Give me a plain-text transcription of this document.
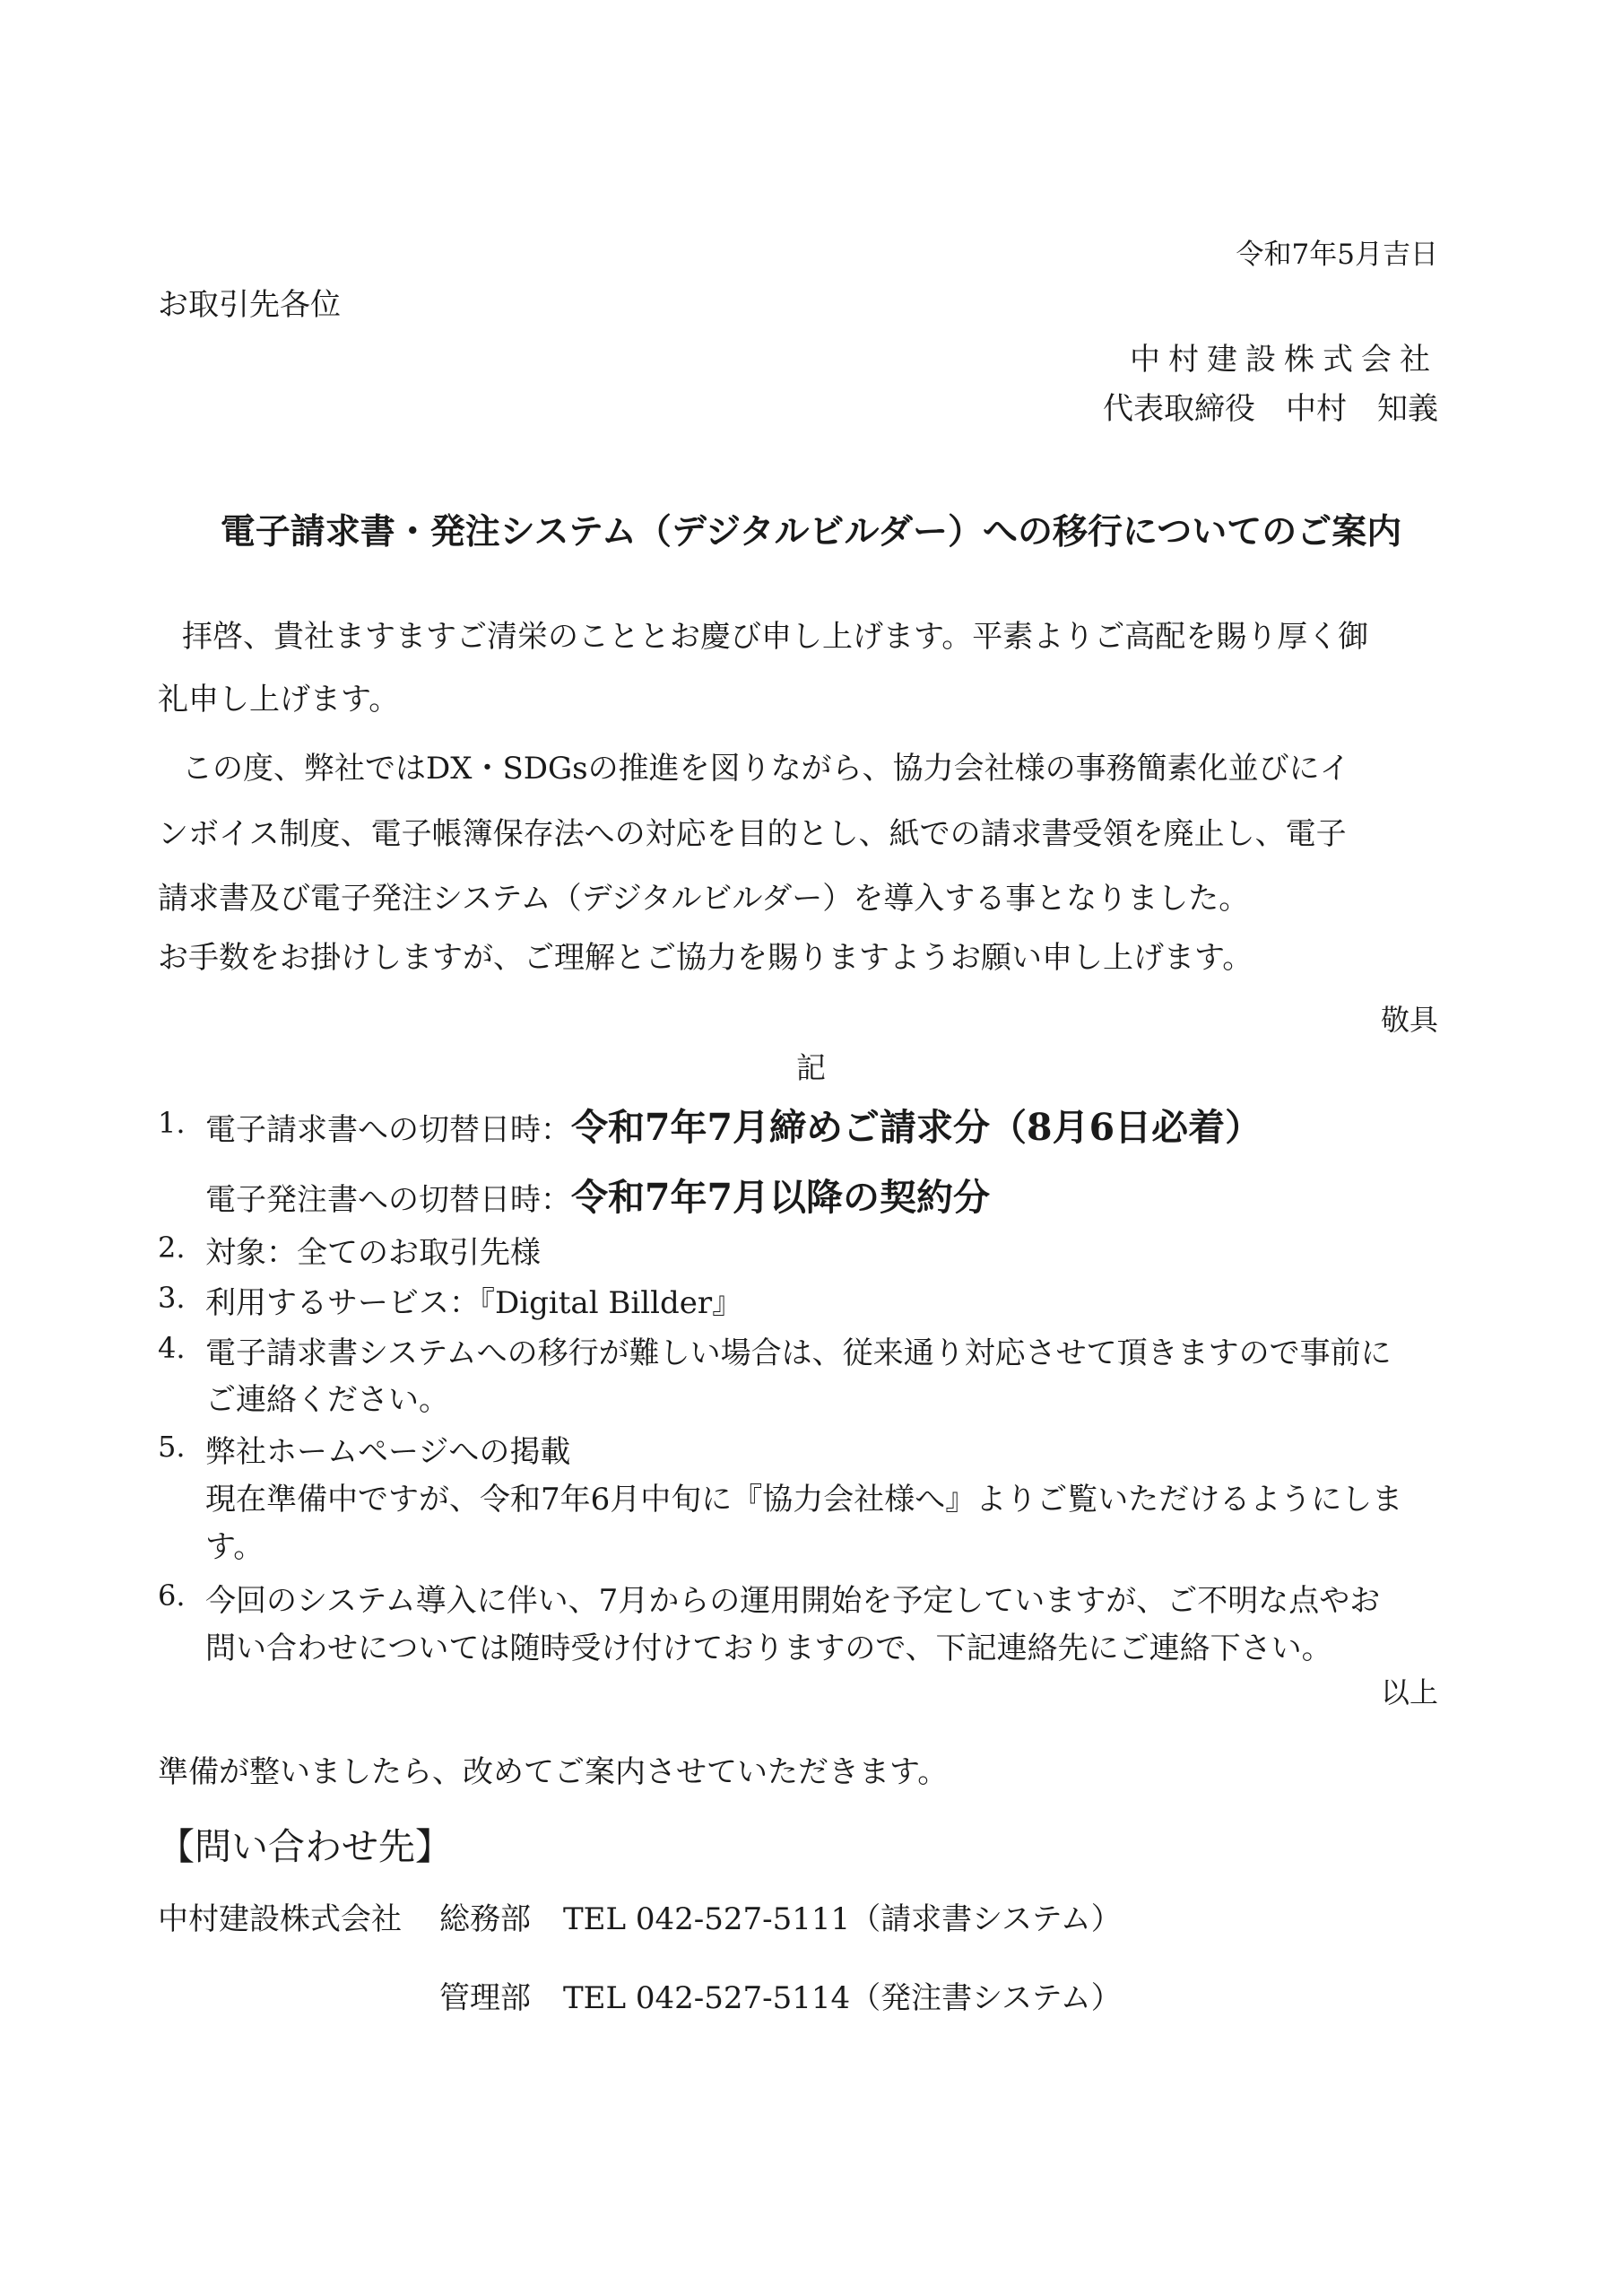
令和7年5月吉日
お取引先各位
中村建設株式会社
代表取締役　中村　知義
電子請求書・発注システム（デジタルビルダー）への移行についてのご案内
拝啓、貴社ますますご清栄のこととお慶び申し上げます。平素よりご高配を賜り厚く御
礼申し上げます。
この度、弊社ではDX・SDGsの推進を図りながら、協力会社様の事務簡素化並びにイ
ンボイス制度、電子帳簿保存法への対応を目的とし、紙での請求書受領を廃止し、電子
請求書及び電子発注システム（デジタルビルダー）を導入する事となりました。
お手数をお掛けしますが、ご理解とご協力を賜りますようお願い申し上げます。
敬具
記
1. 電子請求書への切替日時：令和7年7月締めご請求分（8月6日必着）
電子発注書への切替日時：令和7年7月以降の契約分
2. 対象：全てのお取引先様
3. 利用するサービス：『Digital Billder』
4. 電子請求書システムへの移行が難しい場合は、従来通り対応させて頂きますので事前に
ご連絡ください。
5. 弊社ホームページへの掲載
現在準備中ですが、令和7年6月中旬に『協力会社様へ』よりご覧いただけるようにしま
す。
6. 今回のシステム導入に伴い、7月からの運用開始を予定していますが、ご不明な点やお
問い合わせについては随時受け付けておりますので、下記連絡先にご連絡下さい。
以上
準備が整いましたら、改めてご案内させていただきます。
【問い合わせ先】
中村建設株式会社 総務部 TEL 042-527-5111（請求書システム）
管理部 TEL 042-527-5114（発注書システム）
